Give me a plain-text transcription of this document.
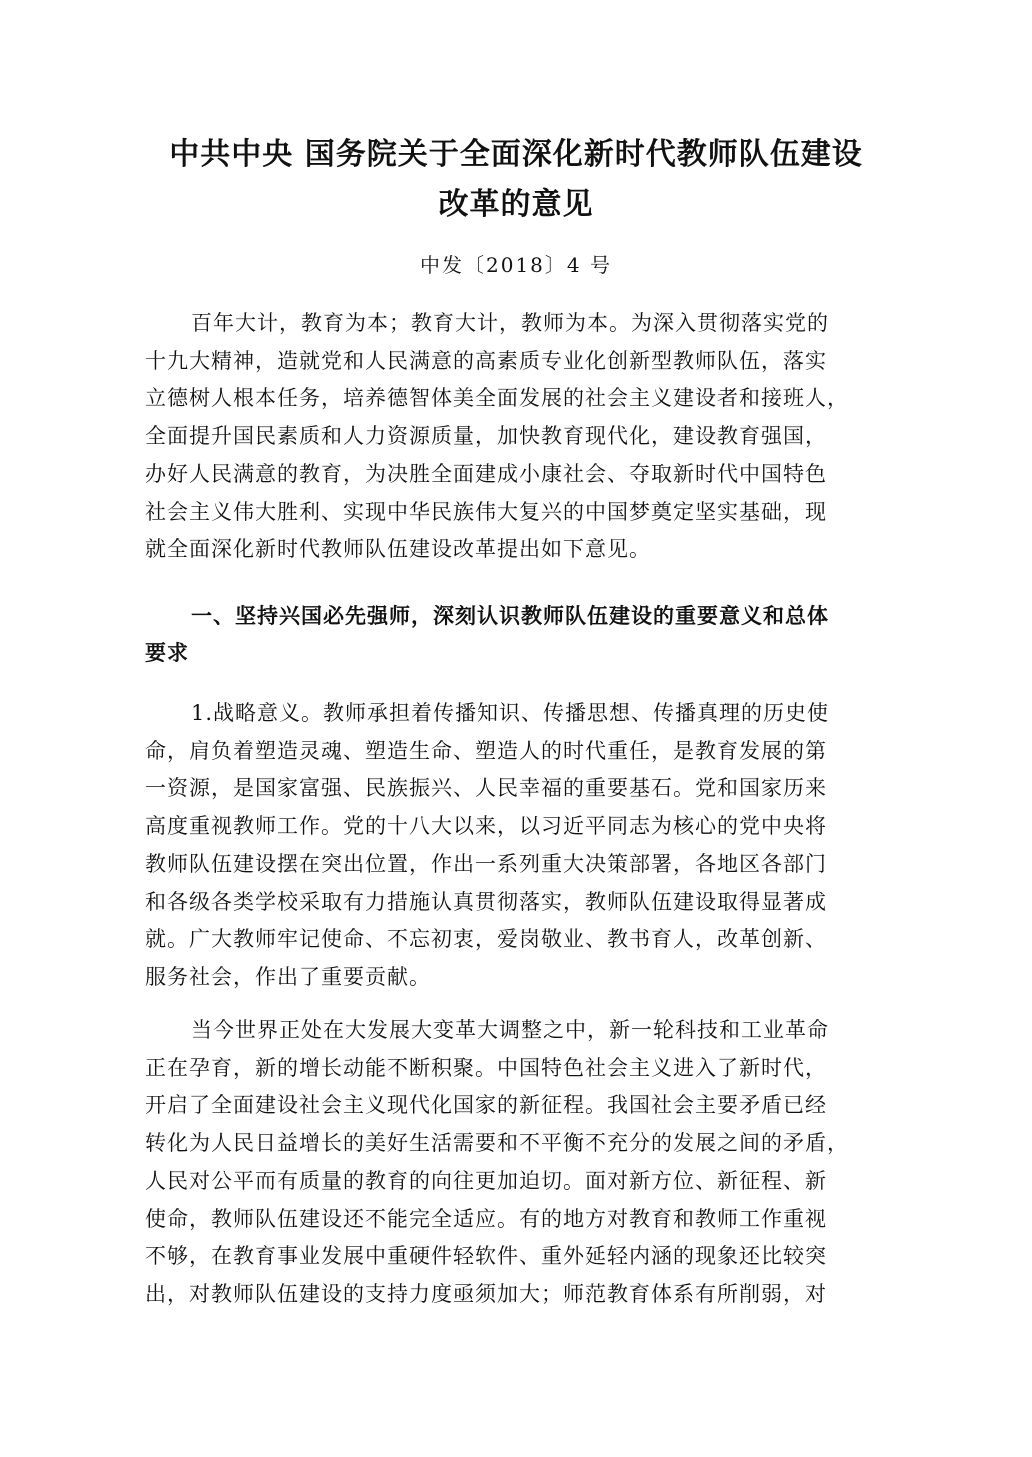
中共中央 国务院关于全面深化新时代教师队伍建设
改革的意见
中发〔2018〕4 号

百年大计，教育为本；教育大计，教师为本。为深入贯彻落实党的
十九大精神，造就党和人民满意的高素质专业化创新型教师队伍，落实
立德树人根本任务，培养德智体美全面发展的社会主义建设者和接班人，
全面提升国民素质和人力资源质量，加快教育现代化，建设教育强国，
办好人民满意的教育，为决胜全面建成小康社会、夺取新时代中国特色
社会主义伟大胜利、实现中华民族伟大复兴的中国梦奠定坚实基础，现
就全面深化新时代教师队伍建设改革提出如下意见。

一、坚持兴国必先强师，深刻认识教师队伍建设的重要意义和总体
要求

1.战略意义。教师承担着传播知识、传播思想、传播真理的历史使
命，肩负着塑造灵魂、塑造生命、塑造人的时代重任，是教育发展的第
一资源，是国家富强、民族振兴、人民幸福的重要基石。党和国家历来
高度重视教师工作。党的十八大以来，以习近平同志为核心的党中央将
教师队伍建设摆在突出位置，作出一系列重大决策部署，各地区各部门
和各级各类学校采取有力措施认真贯彻落实，教师队伍建设取得显著成
就。广大教师牢记使命、不忘初衷，爱岗敬业、教书育人，改革创新、
服务社会，作出了重要贡献。

当今世界正处在大发展大变革大调整之中，新一轮科技和工业革命
正在孕育，新的增长动能不断积聚。中国特色社会主义进入了新时代，
开启了全面建设社会主义现代化国家的新征程。我国社会主要矛盾已经
转化为人民日益增长的美好生活需要和不平衡不充分的发展之间的矛盾，
人民对公平而有质量的教育的向往更加迫切。面对新方位、新征程、新
使命，教师队伍建设还不能完全适应。有的地方对教育和教师工作重视
不够，在教育事业发展中重硬件轻软件、重外延轻内涵的现象还比较突
出，对教师队伍建设的支持力度亟须加大；师范教育体系有所削弱，对
